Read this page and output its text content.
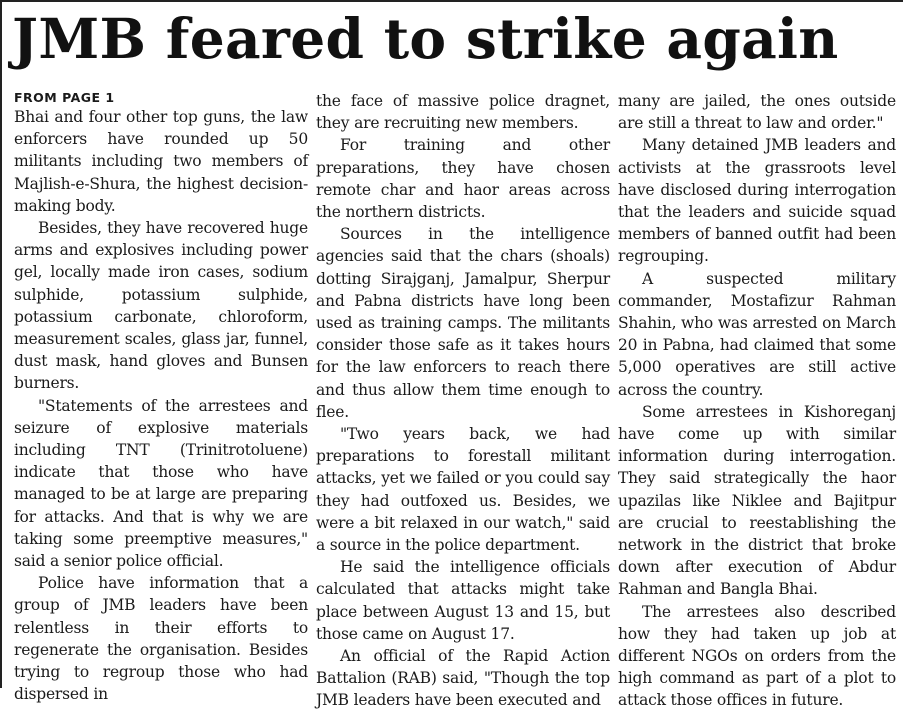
JMB feared to strike again
FROM PAGE 1

Bhai and four other top guns, the law enforcers have rounded up 50 militants including two members of Majlish-e-Shura, the highest decision-making body.

Besides, they have recovered huge arms and explosives including power gel, locally made iron cases, sodium sulphide, potassium sulphide, potassium carbonate, chloroform, measurement scales, glass jar, funnel, dust mask, hand gloves and Bunsen burners.

"Statements of the arrestees and seizure of explosive materials including TNT (Trinitrotoluene) indicate that those who have managed to be at large are preparing for attacks. And that is why we are taking some preemptive measures," said a senior police official.

Police have information that a group of JMB leaders have been relentless in their efforts to regenerate the organisation. Besides trying to regroup those who had dispersed in

the face of massive police dragnet, they are recruiting new members.

For training and other preparations, they have chosen remote char and haor areas across the northern districts.

Sources in the intelligence agencies said that the chars (shoals) dotting Sirajganj, Jamalpur, Sherpur and Pabna districts have long been used as training camps. The militants consider those safe as it takes hours for the law enforcers to reach there and thus allow them time enough to flee.

"Two years back, we had preparations to forestall militant attacks, yet we failed or you could say they had outfoxed us. Besides, we were a bit relaxed in our watch," said a source in the police department.

He said the intelligence officials calculated that attacks might take place between August 13 and 15, but those came on August 17.

An official of the Rapid Action Battalion (RAB) said, "Though the top JMB leaders have been executed and

many are jailed, the ones outside are still a threat to law and order."

Many detained JMB leaders and activists at the grassroots level have disclosed during interrogation that the leaders and suicide squad members of banned outfit had been regrouping.

A suspected military commander, Mostafizur Rahman Shahin, who was arrested on March 20 in Pabna, had claimed that some 5,000 operatives are still active across the country.

Some arrestees in Kishoreganj have come up with similar information during interrogation. They said strategically the haor upazilas like Niklee and Bajitpur are crucial to reestablishing the network in the district that broke down after execution of Abdur Rahman and Bangla Bhai.

The arrestees also described how they had taken up job at different NGOs on orders from the high command as part of a plot to attack those offices in future.
